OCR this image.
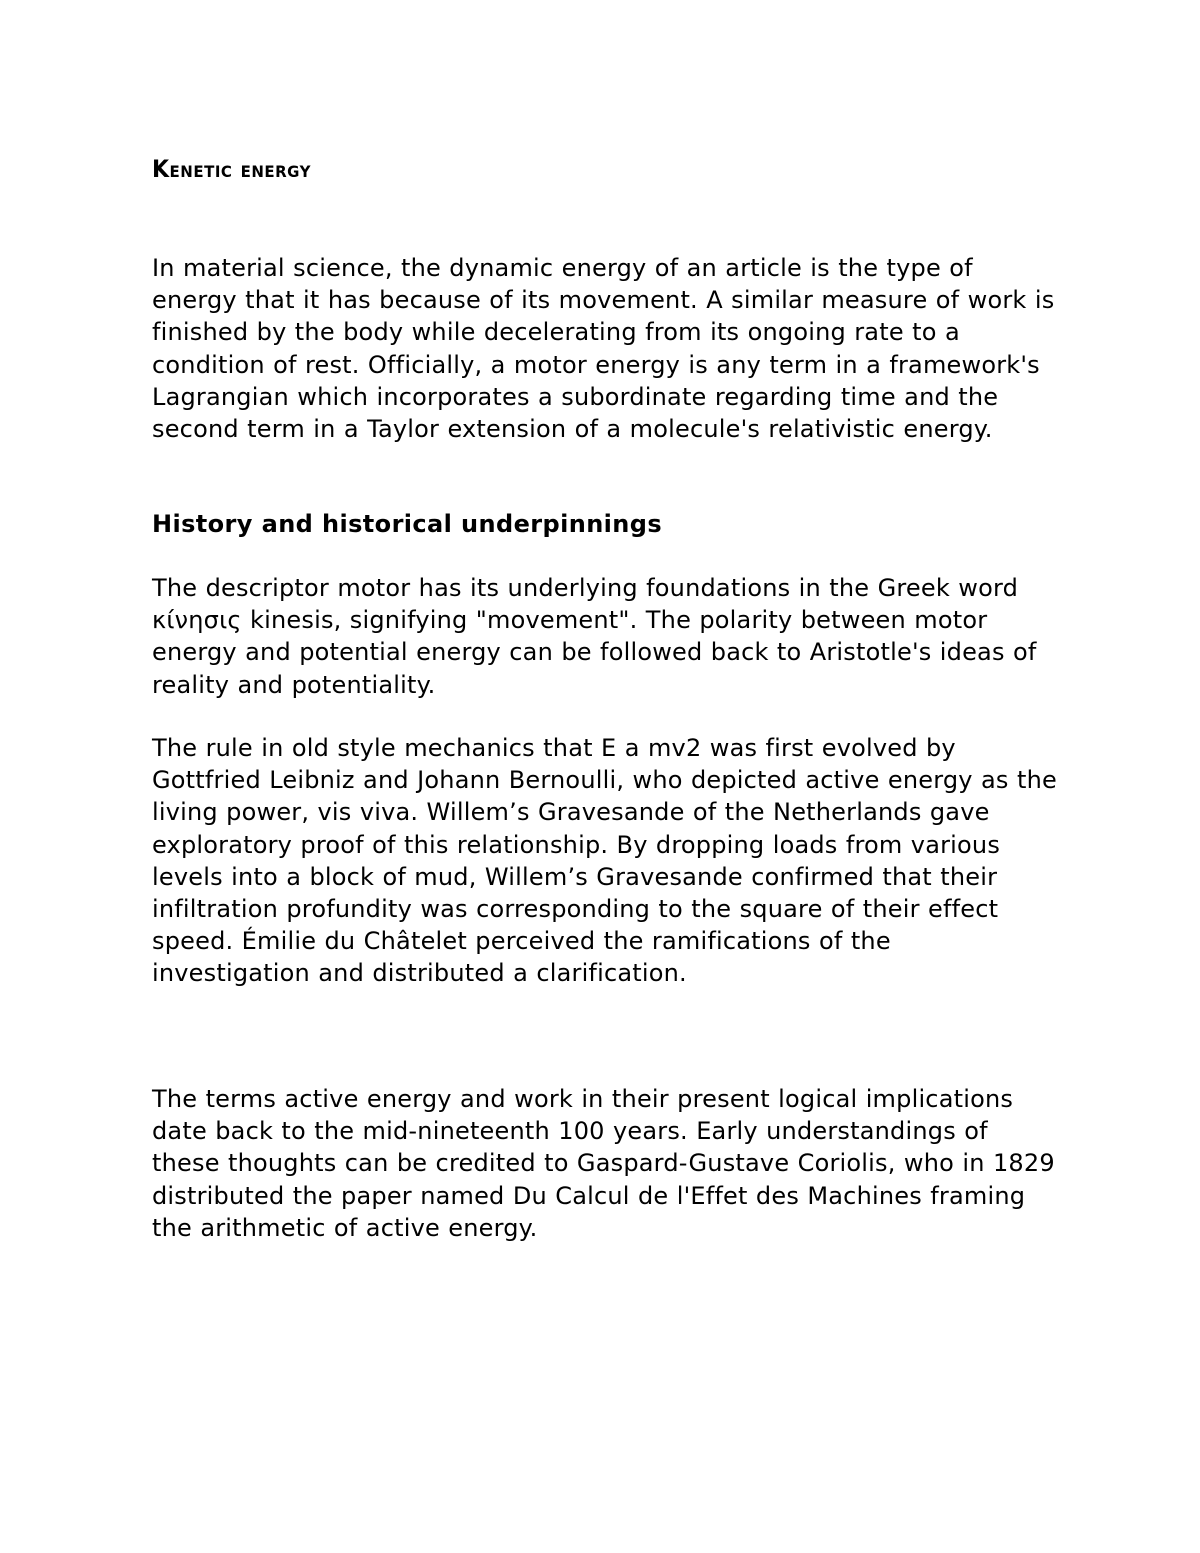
Kenetic energy

In material science, the dynamic energy of an article is the type of energy that it has because of its movement. A similar measure of work is finished by the body while decelerating from its ongoing rate to a condition of rest. Officially, a motor energy is any term in a framework's Lagrangian which incorporates a subordinate regarding time and the second term in a Taylor extension of a molecule's relativistic energy.

History and historical underpinnings

The descriptor motor has its underlying foundations in the Greek word κίνησις kinesis, signifying "movement". The polarity between motor energy and potential energy can be followed back to Aristotle's ideas of reality and potentiality.

The rule in old style mechanics that E a mv2 was first evolved by Gottfried Leibniz and Johann Bernoulli, who depicted active energy as the living power, vis viva. Willem’s Gravesande of the Netherlands gave exploratory proof of this relationship. By dropping loads from various levels into a block of mud, Willem’s Gravesande confirmed that their infiltration profundity was corresponding to the square of their effect speed. Émilie du Châtelet perceived the ramifications of the investigation and distributed a clarification.

The terms active energy and work in their present logical implications date back to the mid-nineteenth 100 years. Early understandings of these thoughts can be credited to Gaspard-Gustave Coriolis, who in 1829 distributed the paper named Du Calcul de l'Effet des Machines framing the arithmetic of active energy.
